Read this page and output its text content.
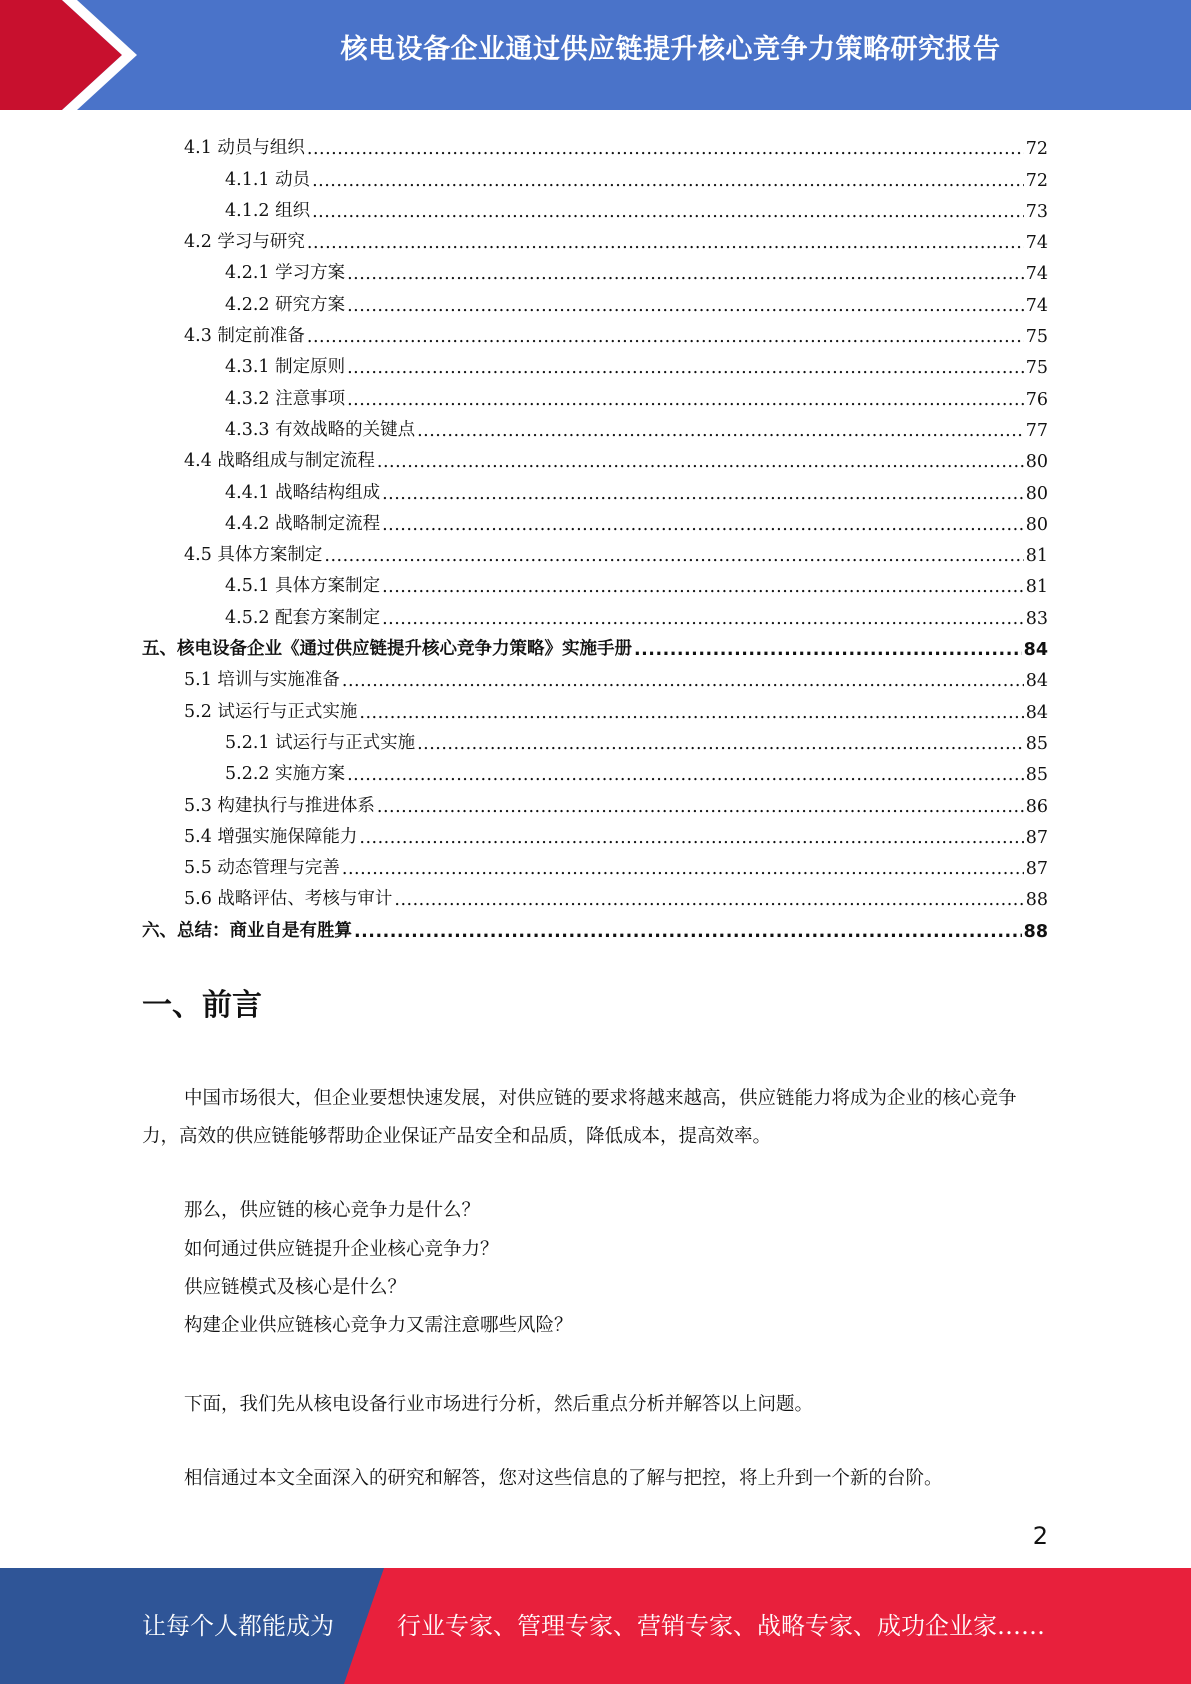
核电设备企业通过供应链提升核心竞争力策略研究报告
4.1 动员与组织 .....	72
4.1.1 动员 .....	72
4.1.2 组织 .....	73
4.2 学习与研究 .....	74
4.2.1 学习方案 .....	74
4.2.2 研究方案 .....	74
4.3 制定前准备 .....	75
4.3.1 制定原则 .....	75
4.3.2 注意事项 .....	76
4.3.3 有效战略的关键点 .....	77
4.4 战略组成与制定流程 .....	80
4.4.1 战略结构组成 .....	80
4.4.2 战略制定流程 .....	80
4.5 具体方案制定 .....	81
4.5.1 具体方案制定 .....	81
4.5.2 配套方案制定 .....	83
五、核电设备企业《通过供应链提升核心竞争力策略》实施手册 .....	84
5.1 培训与实施准备 .....	84
5.2 试运行与正式实施 .....	84
5.2.1 试运行与正式实施 .....	85
5.2.2 实施方案 .....	85
5.3 构建执行与推进体系 .....	86
5.4 增强实施保障能力 .....	87
5.5 动态管理与完善 .....	87
5.6 战略评估、考核与审计 .....	88
六、总结：商业自是有胜算 .....	88
一、前言
中国市场很大，但企业要想快速发展，对供应链的要求将越来越高，供应链能力将成为企业的核心竞争力，高效的供应链能够帮助企业保证产品安全和品质，降低成本，提高效率。
那么，供应链的核心竞争力是什么？
如何通过供应链提升企业核心竞争力？
供应链模式及核心是什么？
构建企业供应链核心竞争力又需注意哪些风险？
下面，我们先从核电设备行业市场进行分析，然后重点分析并解答以上问题。
相信通过本文全面深入的研究和解答，您对这些信息的了解与把控，将上升到一个新的台阶。
2
让每个人都能成为	行业专家、管理专家、营销专家、战略专家、成功企业家……
